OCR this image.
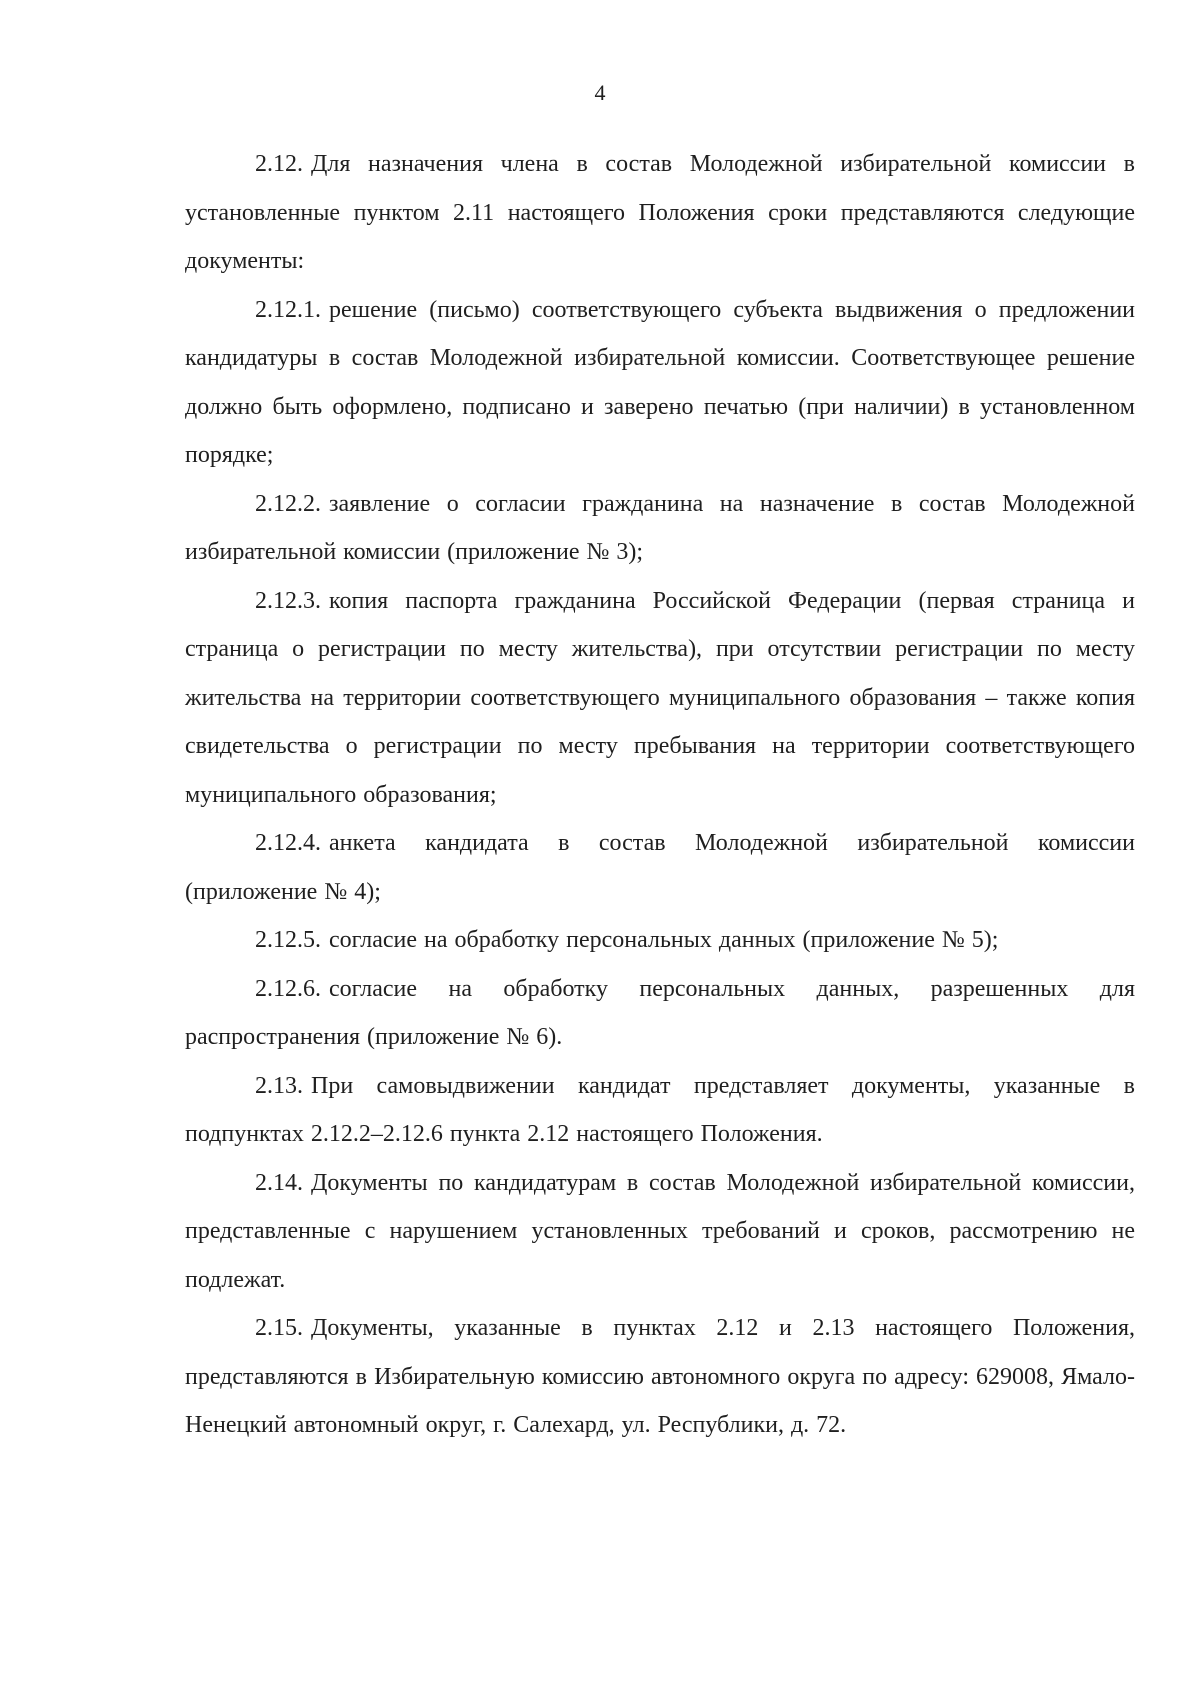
4

2.12. Для назначения члена в состав Молодежной избирательной комиссии в установленные пунктом 2.11 настоящего Положения сроки представляются следующие документы:

2.12.1. решение (письмо) соответствующего субъекта выдвижения о предложении кандидатуры в состав Молодежной избирательной комиссии. Соответствующее решение должно быть оформлено, подписано и заверено печатью (при наличии) в установленном порядке;

2.12.2. заявление о согласии гражданина на назначение в состав Молодежной избирательной комиссии (приложение № 3);

2.12.3. копия паспорта гражданина Российской Федерации (первая страница и страница о регистрации по месту жительства), при отсутствии регистрации по месту жительства на территории соответствующего муниципального образования – также копия свидетельства о регистрации по месту пребывания на территории соответствующего муниципального образования;

2.12.4. анкета кандидата в состав Молодежной избирательной комиссии (приложение № 4);

2.12.5. согласие на обработку персональных данных (приложение № 5);

2.12.6. согласие на обработку персональных данных, разрешенных для распространения (приложение № 6).

2.13. При самовыдвижении кандидат представляет документы, указанные в подпунктах 2.12.2–2.12.6 пункта 2.12 настоящего Положения.

2.14. Документы по кандидатурам в состав Молодежной избирательной комиссии, представленные с нарушением установленных требований и сроков, рассмотрению не подлежат.

2.15. Документы, указанные в пунктах 2.12 и 2.13 настоящего Положения, представляются в Избирательную комиссию автономного округа по адресу: 629008, Ямало-Ненецкий автономный округ, г. Салехард, ул. Республики, д. 72.
